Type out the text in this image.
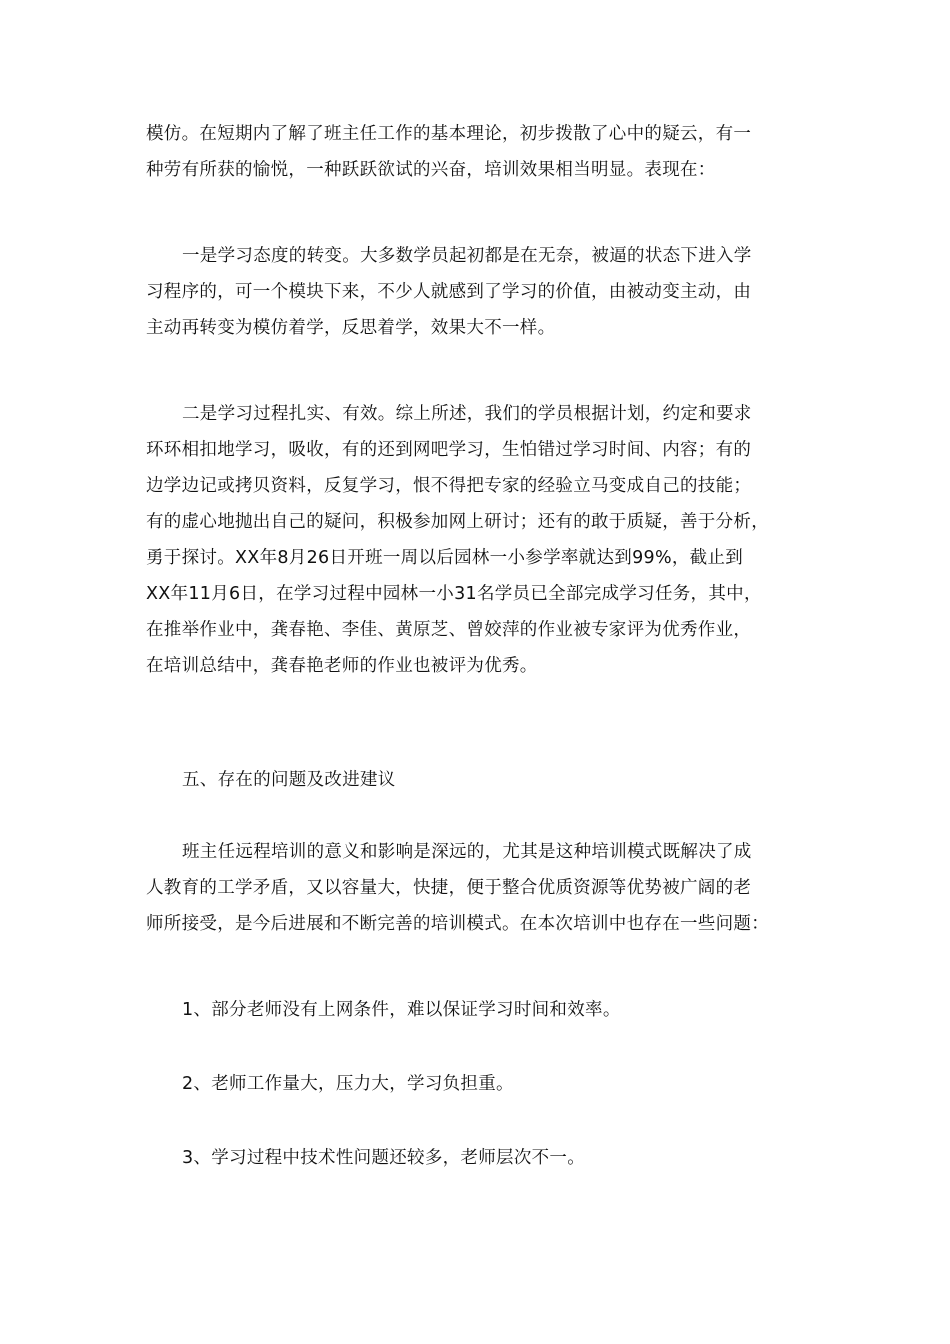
模仿。在短期内了解了班主任工作的基本理论，初步拨散了心中的疑云，有一
种劳有所获的愉悦，一种跃跃欲试的兴奋，培训效果相当明显。表现在：
一是学习态度的转变。大多数学员起初都是在无奈，被逼的状态下进入学
习程序的，可一个模块下来，不少人就感到了学习的价值，由被动变主动，由
主动再转变为模仿着学，反思着学，效果大不一样。
二是学习过程扎实、有效。综上所述，我们的学员根据计划，约定和要求
环环相扣地学习，吸收，有的还到网吧学习，生怕错过学习时间、内容；有的
边学边记或拷贝资料，反复学习，恨不得把专家的经验立马变成自己的技能；
有的虚心地抛出自己的疑问，积极参加网上研讨；还有的敢于质疑，善于分析，
勇于探讨。XX年8月26日开班一周以后园林一小参学率就达到99%，截止到
XX年11月6日，在学习过程中园林一小31名学员已全部完成学习任务，其中，
在推举作业中，龚春艳、李佳、黄原芝、曾姣萍的作业被专家评为优秀作业，
在培训总结中，龚春艳老师的作业也被评为优秀。
五、存在的问题及改进建议
班主任远程培训的意义和影响是深远的，尤其是这种培训模式既解决了成
人教育的工学矛盾，又以容量大，快捷，便于整合优质资源等优势被广阔的老
师所接受，是今后进展和不断完善的培训模式。在本次培训中也存在一些问题：
1、部分老师没有上网条件，难以保证学习时间和效率。
2、老师工作量大，压力大，学习负担重。
3、学习过程中技术性问题还较多，老师层次不一。
